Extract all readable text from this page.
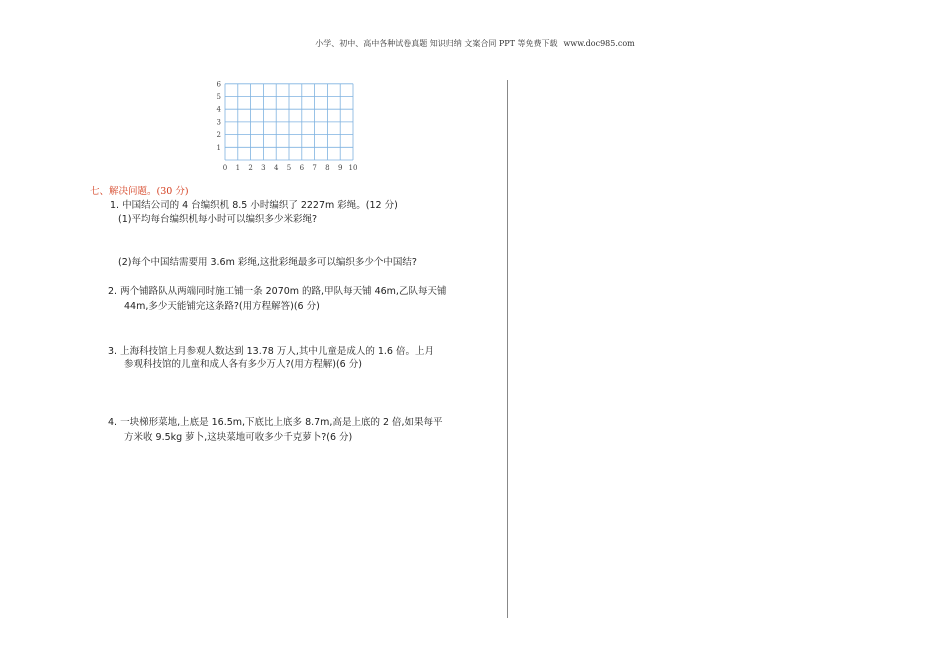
小学、初中、高中各种试卷真题 知识归纳 文案合同 PPT 等免费下载 www.doc985.com
0 1 2 3 4 5 6 7 8 9 10
1
2
3
4
5
6
七、解决问题。(30 分)
1. 中国结公司的 4 台编织机 8.5 小时编织了 2227m 彩绳。(12 分)
(1)平均每台编织机每小时可以编织多少米彩绳?
(2)每个中国结需要用 3.6m 彩绳,这批彩绳最多可以编织多少个中国结?
2. 两个铺路队从两端同时施工铺一条 2070m 的路,甲队每天铺 46m,乙队每天铺
44m,多少天能铺完这条路?(用方程解答)(6 分)
3. 上海科技馆上月参观人数达到 13.78 万人,其中儿童是成人的 1.6 倍。上月
参观科技馆的儿童和成人各有多少万人?(用方程解)(6 分)
4. 一块梯形菜地,上底是 16.5m,下底比上底多 8.7m,高是上底的 2 倍,如果每平
方米收 9.5kg 萝卜,这块菜地可收多少千克萝卜?(6 分)
